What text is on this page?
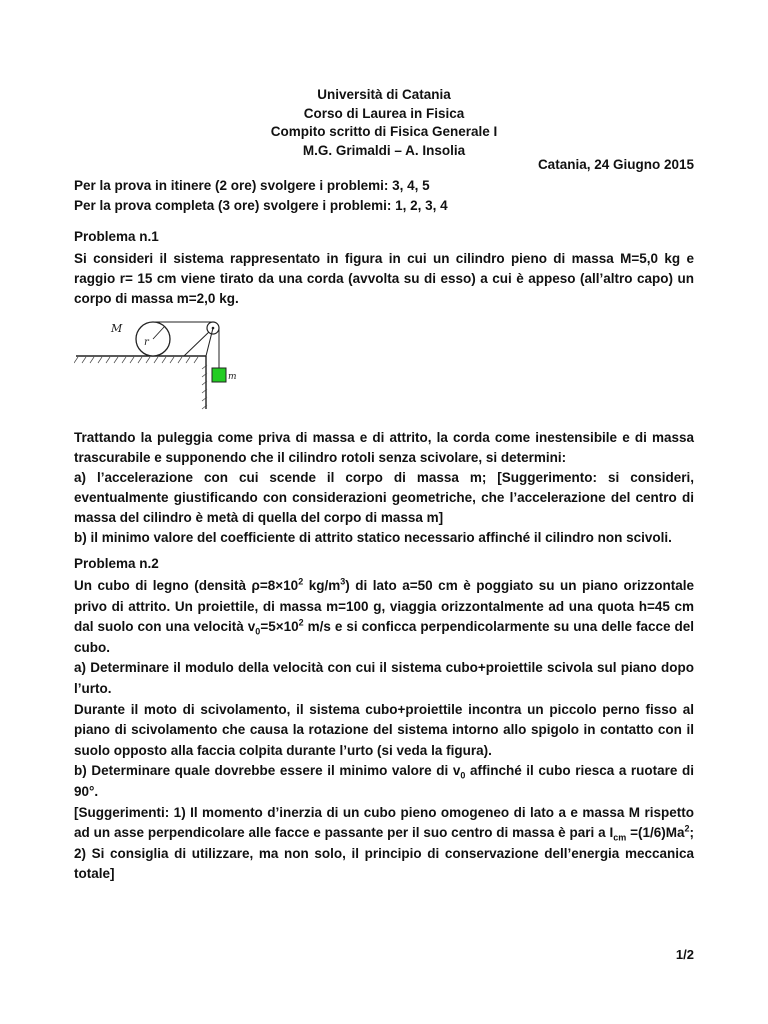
Università di Catania
Corso di Laurea in Fisica
Compito scritto di Fisica Generale I
M.G. Grimaldi – A. Insolia
Catania, 24 Giugno 2015

Per la prova in itinere (2 ore) svolgere i problemi: 3, 4, 5

Per la prova completa (3 ore) svolgere i problemi: 1, 2, 3, 4

Problema n.1

Si consideri il sistema rappresentato in figura in cui un cilindro pieno di massa M=5,0 kg e raggio r= 15 cm viene tirato da una corda (avvolta su di esso) a cui è appeso (all’altro capo) un corpo di massa m=2,0 kg.

r
M
m

Trattando la puleggia come priva di massa e di attrito, la corda come inestensibile e di massa trascurabile e supponendo che il cilindro rotoli senza scivolare, si determini:

a) l’accelerazione con cui scende il corpo di massa m; [Suggerimento: si consideri, eventualmente giustificando con considerazioni geometriche, che l’accelerazione del centro di massa del cilindro è metà di quella del corpo di massa m]

b) il minimo valore del coefficiente di attrito statico necessario affinché il cilindro non scivoli.

Problema n.2

Un cubo di legno (densità $\rho=8\times 10^2$ $kg/m^3$) di lato a=50 cm è poggiato su un piano orizzontale privo di attrito. Un proiettile, di massa m=100 g, viaggia orizzontalmente ad una quota h=45 cm dal suolo con una velocità $v_0=5\times 10^2$ m/s e si conficca perpendicolarmente su una delle facce del cubo.

a) Determinare il modulo della velocità con cui il sistema cubo+proiettile scivola sul piano dopo l’urto.

Durante il moto di scivolamento, il sistema cubo+proiettile incontra un piccolo perno fisso al piano di scivolamento che causa la rotazione del sistema intorno allo spigolo in contatto con il suolo opposto alla faccia colpita durante l’urto (si veda la figura).

b) Determinare quale dovrebbe essere il minimo valore di $v_0$ affinché il cubo riesca a ruotare di 90°.

[Suggerimenti: 1) Il momento d’inerzia di un cubo pieno omogeneo di lato a e massa M rispetto ad un asse perpendicolare alle facce e passante per il suo centro di massa è pari a $I_{cm} =(1/6)Ma^2$; 2) Si consiglia di utilizzare, ma non solo, il principio di conservazione dell’energia meccanica totale]

1/2
